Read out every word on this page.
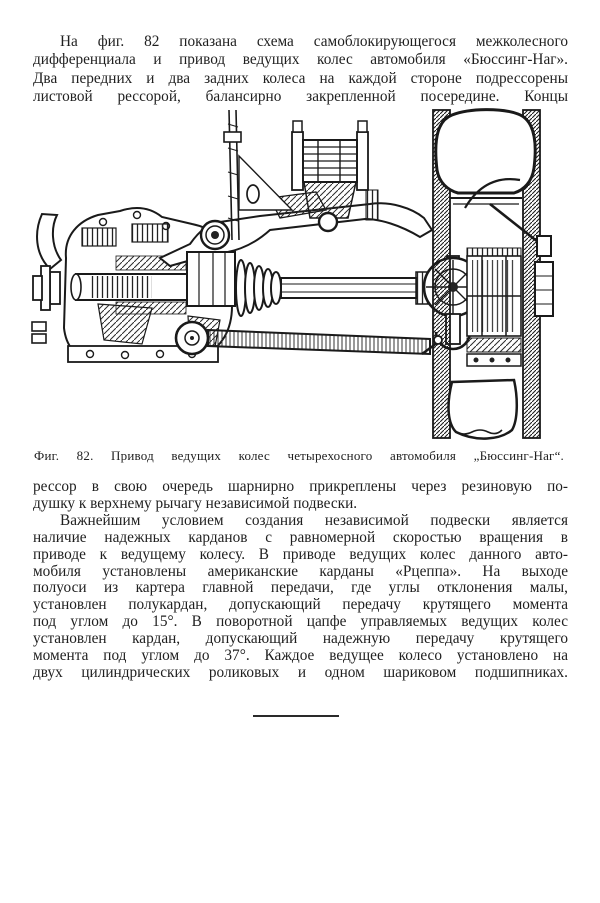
На фиг. 82 показана схема самоблокирующегося межколесного
дифференциала и привод ведущих колес автомобиля «Бюссинг-Наг».
Два передних и два задних колеса на каждой стороне подрессорены
листовой рессорой, балансирно закрепленной посередине. Концы
Фиг. 82. Привод ведущих колес четырехосного автомобиля „Бюссинг-Наг“.
рессор в свою очередь шарнирно прикреплены через резиновую по-
душку к верхнему рычагу независимой подвески.
Важнейшим условием создания независимой подвески является
наличие надежных карданов с равномерной скоростью вращения в
приводе к ведущему колесу. В приводе ведущих колес данного авто-
мобиля установлены американские карданы «Рцеппа». На выходе
полуоси из картера главной передачи, где углы отклонения малы,
установлен полукардан, допускающий передачу крутящего момента
под углом до 15°. В поворотной цапфе управляемых ведущих колес
установлен кардан, допускающий надежную передачу крутящего
момента под углом до 37°. Каждое ведущее колесо установлено на
двух цилиндрических роликовых и одном шариковом подшипниках.
